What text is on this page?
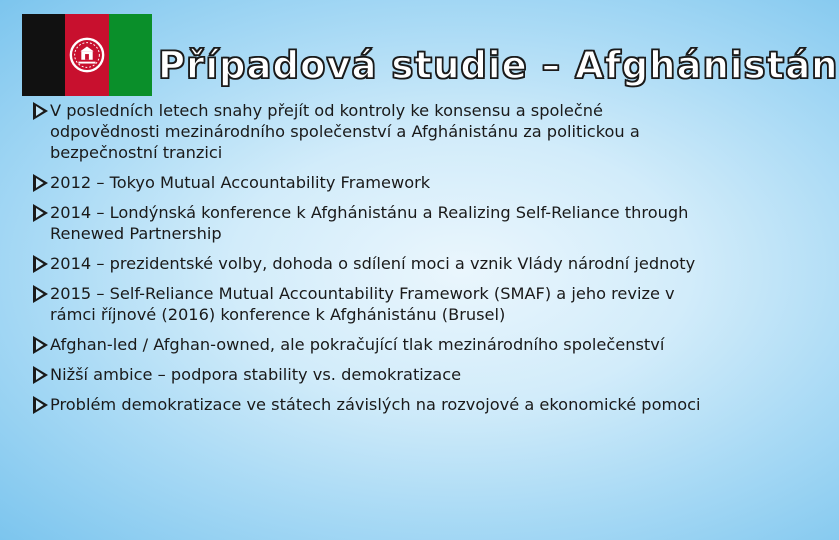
Případová studie – Afghánistán
V posledních letech snahy přejít od kontroly ke konsensu a společné odpovědnosti mezinárodního společenství a Afghánistánu za politickou a bezpečnostní tranzici
2012 – Tokyo Mutual Accountability Framework
2014 – Londýnská konference k Afghánistánu a Realizing Self-Reliance through Renewed Partnership
2014 – prezidentské volby, dohoda o sdílení moci a vznik Vlády národní jednoty
2015 – Self-Reliance Mutual Accountability Framework (SMAF) a jeho revize v rámci říjnové (2016) konference k Afghánistánu (Brusel)
Afghan-led / Afghan-owned, ale pokračující tlak mezinárodního společenství
Nižší ambice – podpora stability vs. demokratizace
Problém demokratizace ve státech závislých na rozvojové a ekonomické pomoci
